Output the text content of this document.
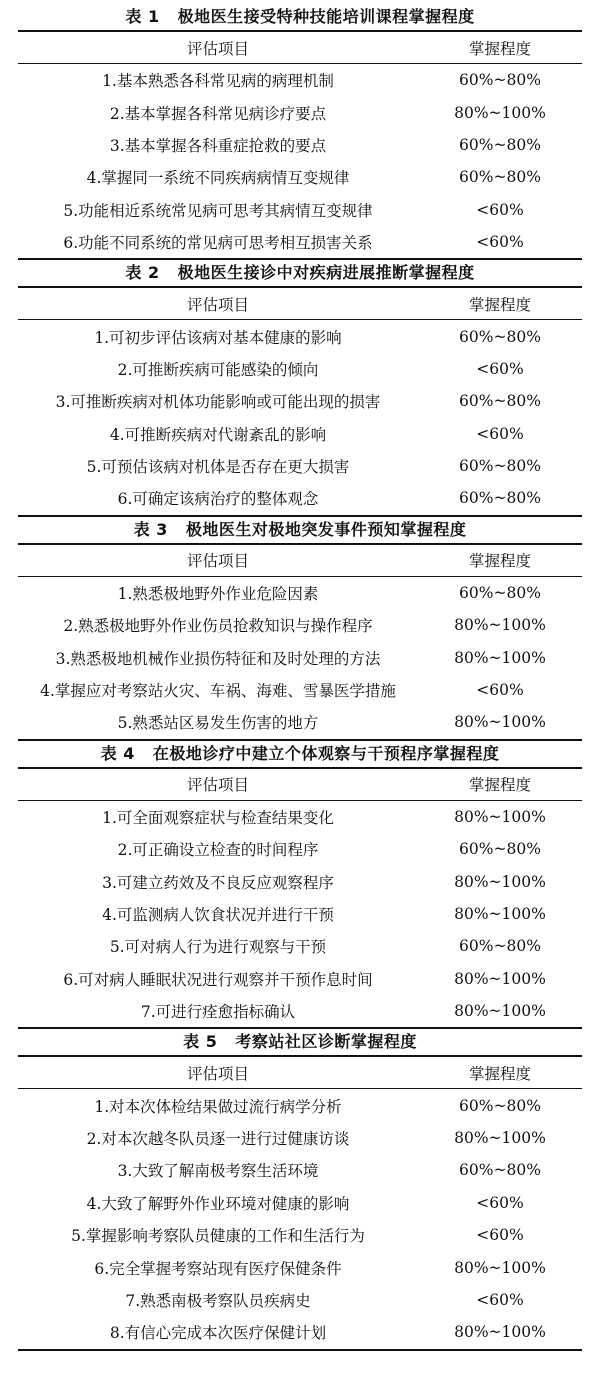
表 1 极地医生接受特种技能培训课程掌握程度
评估项目	掌握程度
1.基本熟悉各科常见病的病理机制	60%~80%
2.基本掌握各科常见病诊疗要点	80%~100%
3.基本掌握各科重症抢救的要点	60%~80%
4.掌握同一系统不同疾病病情互变规律	60%~80%
5.功能相近系统常见病可思考其病情互变规律	<60%
6.功能不同系统的常见病可思考相互损害关系	<60%
表 2 极地医生接诊中对疾病进展推断掌握程度
评估项目	掌握程度
1.可初步评估该病对基本健康的影响	60%~80%
2.可推断疾病可能感染的倾向	<60%
3.可推断疾病对机体功能影响或可能出现的损害	60%~80%
4.可推断疾病对代谢紊乱的影响	<60%
5.可预估该病对机体是否存在更大损害	60%~80%
6.可确定该病治疗的整体观念	60%~80%
表 3 极地医生对极地突发事件预知掌握程度
评估项目	掌握程度
1.熟悉极地野外作业危险因素	60%~80%
2.熟悉极地野外作业伤员抢救知识与操作程序	80%~100%
3.熟悉极地机械作业损伤特征和及时处理的方法	80%~100%
4.掌握应对考察站火灾、车祸、海难、雪暴医学措施	<60%
5.熟悉站区易发生伤害的地方	80%~100%
表 4 在极地诊疗中建立个体观察与干预程序掌握程度
评估项目	掌握程度
1.可全面观察症状与检查结果变化	80%~100%
2.可正确设立检查的时间程序	60%~80%
3.可建立药效及不良反应观察程序	80%~100%
4.可监测病人饮食状况并进行干预	80%~100%
5.可对病人行为进行观察与干预	60%~80%
6.可对病人睡眠状况进行观察并干预作息时间	80%~100%
7.可进行痊愈指标确认	80%~100%
表 5 考察站社区诊断掌握程度
评估项目	掌握程度
1.对本次体检结果做过流行病学分析	60%~80%
2.对本次越冬队员逐一进行过健康访谈	80%~100%
3.大致了解南极考察生活环境	60%~80%
4.大致了解野外作业环境对健康的影响	<60%
5.掌握影响考察队员健康的工作和生活行为	<60%
6.完全掌握考察站现有医疗保健条件	80%~100%
7.熟悉南极考察队员疾病史	<60%
8.有信心完成本次医疗保健计划	80%~100%
